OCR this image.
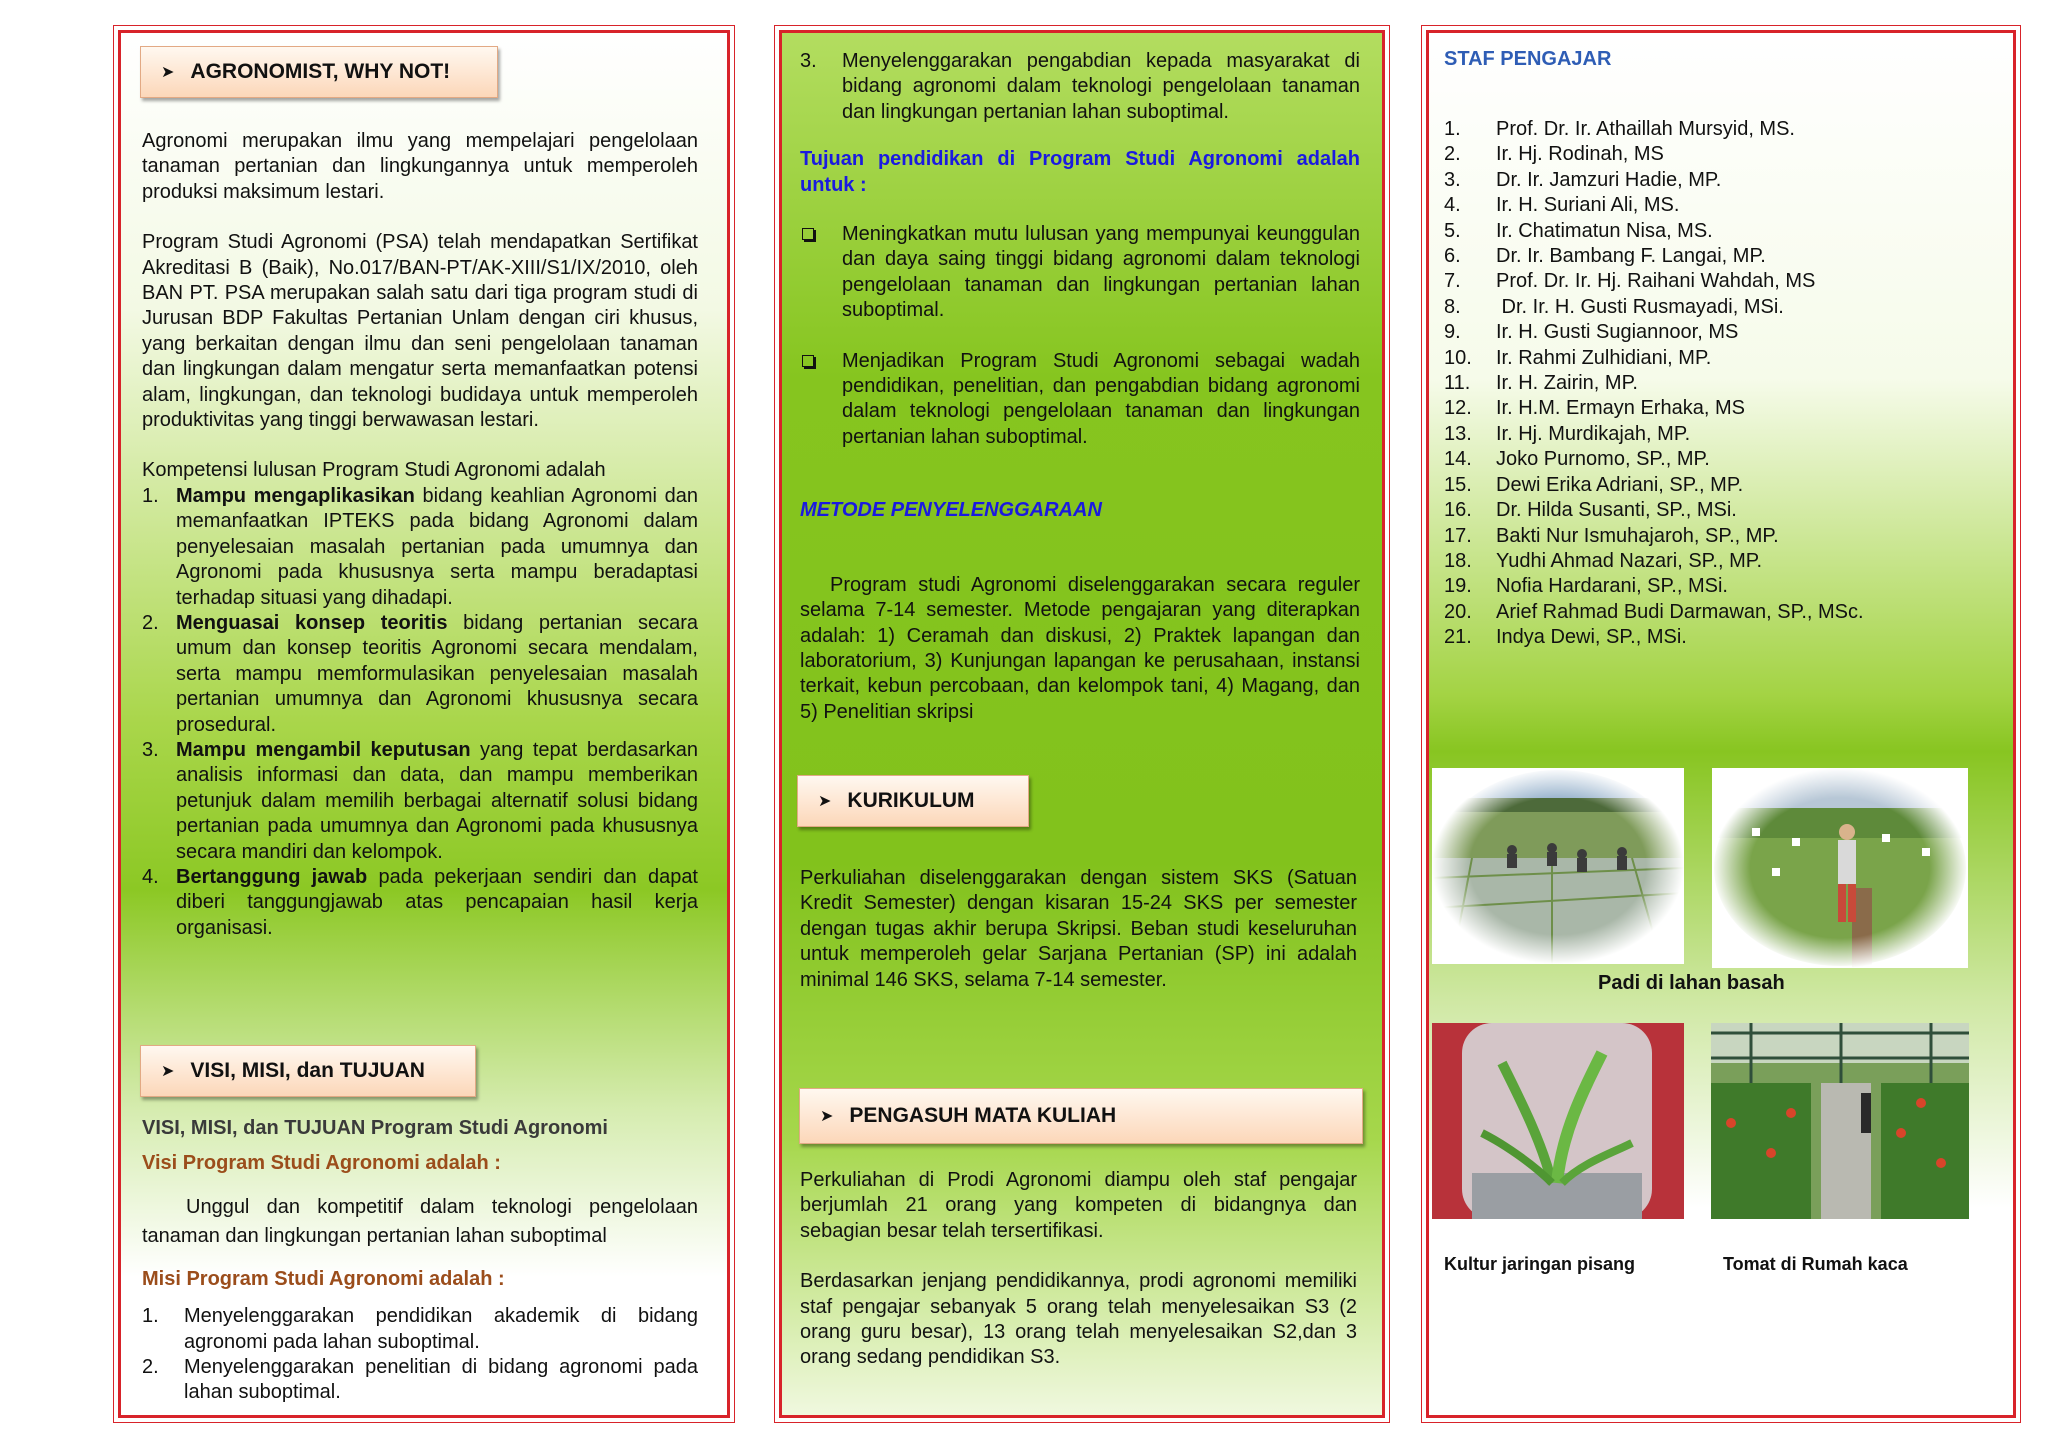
➤ AGRONOMIST, WHY NOT!

Agronomi merupakan ilmu yang mempelajari pengelolaan tanaman pertanian dan lingkungannya untuk memperoleh produksi maksimum lestari.

Program Studi Agronomi (PSA) telah mendapatkan Sertifikat Akreditasi B (Baik), No.017/BAN-PT/AK-XIII/S1/IX/2010, oleh BAN PT. PSA merupakan salah satu dari tiga program studi di Jurusan BDP Fakultas Pertanian Unlam dengan ciri khusus, yang berkaitan dengan ilmu dan seni pengelolaan tanaman dan lingkungan dalam mengatur serta memanfaatkan potensi alam, lingkungan, dan teknologi budidaya untuk memperoleh produktivitas yang tinggi berwawasan lestari.

Kompetensi lulusan Program Studi Agronomi adalah

1. Mampu mengaplikasikan bidang keahlian Agronomi dan memanfaatkan IPTEKS pada bidang Agronomi dalam penyelesaian masalah pertanian pada umumnya dan Agronomi pada khususnya serta mampu beradaptasi terhadap situasi yang dihadapi.
2. Menguasai konsep teoritis bidang pertanian secara umum dan konsep teoritis Agronomi secara mendalam, serta mampu memformulasikan penyelesaian masalah pertanian umumnya dan Agronomi khususnya secara prosedural.
3. Mampu mengambil keputusan yang tepat berdasarkan analisis informasi dan data, dan mampu memberikan petunjuk dalam memilih berbagai alternatif solusi bidang pertanian pada umumnya dan Agronomi pada khususnya secara mandiri dan kelompok.
4. Bertanggung jawab pada pekerjaan sendiri dan dapat diberi tanggungjawab atas pencapaian hasil kerja organisasi.
➤ VISI, MISI, dan TUJUAN

VISI, MISI, dan TUJUAN Program Studi Agronomi

Visi Program Studi Agronomi adalah :

Unggul dan kompetitif dalam teknologi pengelolaan tanaman dan lingkungan pertanian lahan suboptimal

Misi Program Studi Agronomi adalah :

1. Menyelenggarakan pendidikan akademik di bidang agronomi pada lahan suboptimal.
2. Menyelenggarakan penelitian di bidang agronomi pada lahan suboptimal.
3. Menyelenggarakan pengabdian kepada masyarakat di bidang agronomi dalam teknologi pengelolaan tanaman dan lingkungan pertanian lahan suboptimal.

Tujuan pendidikan di Program Studi Agronomi adalah untuk :

Meningkatkan mutu lulusan yang mempunyai keunggulan dan daya saing tinggi bidang agronomi dalam teknologi pengelolaan tanaman dan lingkungan pertanian lahan suboptimal.
Menjadikan Program Studi Agronomi sebagai wadah pendidikan, penelitian, dan pengabdian bidang agronomi dalam teknologi pengelolaan tanaman dan lingkungan pertanian lahan suboptimal.

METODE PENYELENGGARAAN

Program studi Agronomi diselenggarakan secara reguler selama 7-14 semester. Metode pengajaran yang diterapkan adalah: 1) Ceramah dan diskusi, 2) Praktek lapangan dan laboratorium, 3) Kunjungan lapangan ke perusahaan, instansi terkait, kebun percobaan, dan kelompok tani, 4) Magang, dan 5) Penelitian skripsi

➤ KURIKULUM

Perkuliahan diselenggarakan dengan sistem SKS (Satuan Kredit Semester) dengan kisaran 15-24 SKS per semester dengan tugas akhir berupa Skripsi. Beban studi keseluruhan untuk memperoleh gelar Sarjana Pertanian (SP) ini adalah minimal 146 SKS, selama 7-14 semester.

➤ PENGASUH MATA KULIAH

Perkuliahan di Prodi Agronomi diampu oleh staf pengajar berjumlah 21 orang yang kompeten di bidangnya dan sebagian besar telah tersertifikasi.

Berdasarkan jenjang pendidikannya, prodi agronomi memiliki staf pengajar sebanyak 5 orang telah menyelesaikan S3 (2 orang guru besar), 13 orang telah menyelesaikan S2,dan 3 orang sedang pendidikan S3.

STAF PENGAJAR
1. Prof. Dr. Ir. Athaillah Mursyid, MS.
2. Ir. Hj. Rodinah, MS
3. Dr. Ir. Jamzuri Hadie, MP.
4. Ir. H. Suriani Ali, MS.
5. Ir. Chatimatun Nisa, MS.
6. Dr. Ir. Bambang F. Langai, MP.
7. Prof. Dr. Ir. Hj. Raihani Wahdah, MS
8. Dr. Ir. H. Gusti Rusmayadi, MSi.
9. Ir. H. Gusti Sugiannoor, MS
10. Ir. Rahmi Zulhidiani, MP.
11. Ir. H. Zairin, MP.
12. Ir. H.M. Ermayn Erhaka, MS
13. Ir. Hj. Murdikajah, MP.
14. Joko Purnomo, SP., MP.
15. Dewi Erika Adriani, SP., MP.
16. Dr. Hilda Susanti, SP., MSi.
17. Bakti Nur Ismuhajaroh, SP., MP.
18. Yudhi Ahmad Nazari, SP., MP.
19. Nofia Hardarani, SP., MSi.
20. Arief Rahmad Budi Darmawan, SP., MSc.
21. Indya Dewi, SP., MSi.
Padi di lahan basah
Kultur jaringan pisang	Tomat di Rumah kaca
